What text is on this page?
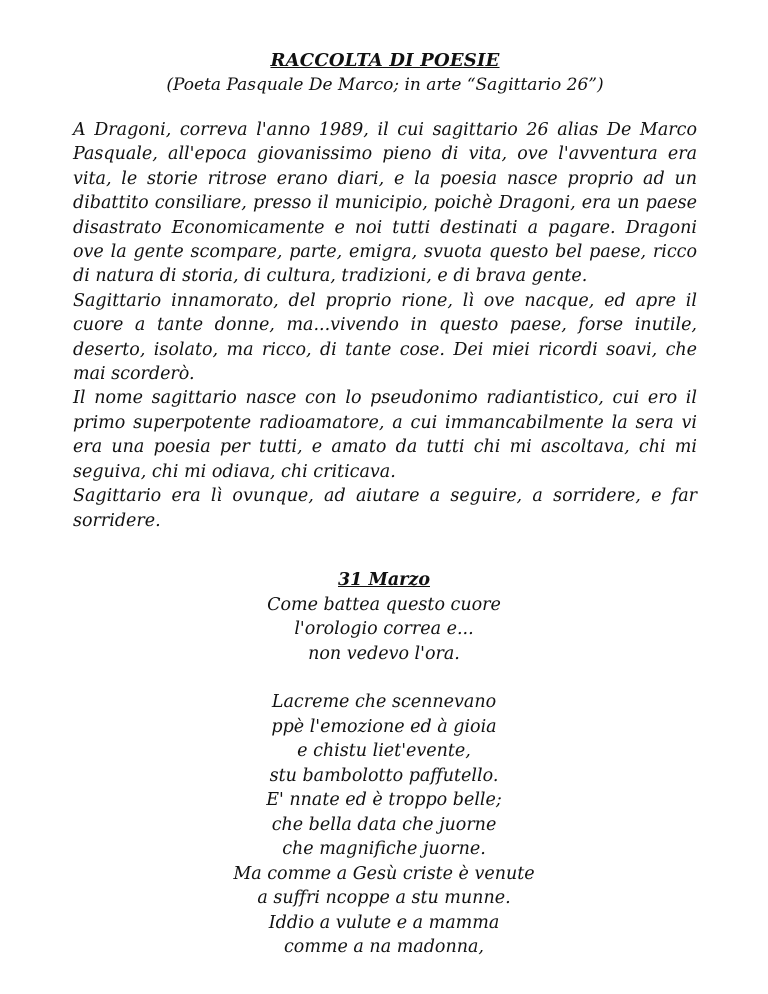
RACCOLTA DI POESIE
(Poeta Pasquale De Marco; in arte “Sagittario 26”)

A Dragoni, correva l'anno 1989, il cui sagittario 26 alias De Marco Pasquale, all'epoca giovanissimo pieno di vita, ove l'avventura era vita, le storie ritrose erano diari, e la poesia nasce proprio ad un dibattito consiliare, presso il municipio, poichè Dragoni, era un paese disastrato Economicamente e noi tutti destinati a pagare. Dragoni ove la gente scompare, parte, emigra, svuota questo bel paese, ricco di natura di storia, di cultura, tradizioni, e di brava gente.

Sagittario innamorato, del proprio rione, lì ove nacque, ed apre il cuore a tante donne, ma...vivendo in questo paese, forse inutile, deserto, isolato, ma ricco, di tante cose. Dei miei ricordi soavi, che mai scorderò.

Il nome sagittario nasce con lo pseudonimo radiantistico, cui ero il primo superpotente radioamatore, a cui immancabilmente la sera vi era una poesia per tutti, e amato da tutti chi mi ascoltava, chi mi seguiva, chi mi odiava, chi criticava.

Sagittario era lì ovunque, ad aiutare a seguire, a sorridere, e far sorridere.

31 Marzo
Come battea questo cuore
l'orologio correa e...
non vedevo l'ora.
Lacreme che scennevano
ppè l'emozione ed à gioia
e chistu liet'evente,
stu bambolotto paffutello.
E' nnate ed è troppo belle;
che bella data che juorne
che magnifiche juorne.
Ma comme a Gesù criste è venute
a suffri ncoppe a stu munne.
Iddio a vulute e a mamma
comme a na madonna,
